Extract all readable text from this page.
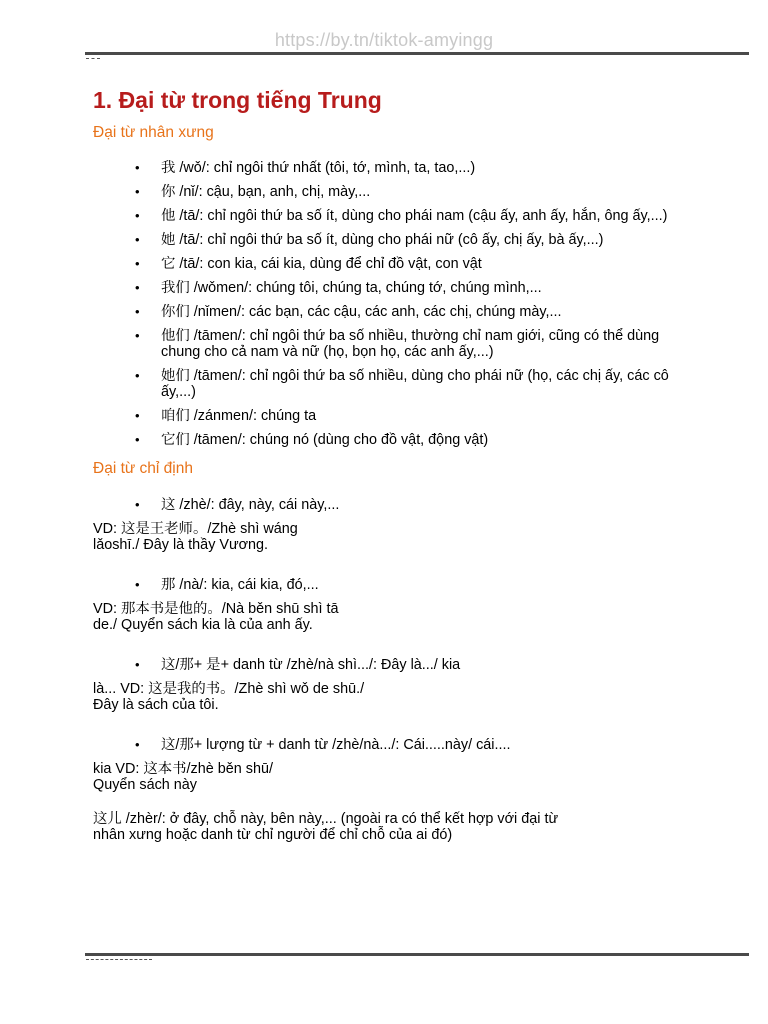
https://by.tn/tiktok-amyingg
1. Đại từ trong tiếng Trung
Đại từ nhân xưng
• 我 /wǒ/: chỉ ngôi thứ nhất (tôi, tớ, mình, ta, tao,...)
• 你 /nǐ/: cậu, bạn, anh, chị, mày,...
• 他 /tā/: chỉ ngôi thứ ba số ít, dùng cho phái nam (cậu ấy, anh ấy, hắn, ông ấy,...)
• 她 /tā/: chỉ ngôi thứ ba số ít, dùng cho phái nữ (cô ấy, chị ấy, bà ấy,...)
• 它 /tā/: con kia, cái kia, dùng để chỉ đồ vật, con vật
• 我们 /wǒmen/: chúng tôi, chúng ta, chúng tớ, chúng mình,...
• 你们 /nǐmen/: các bạn, các cậu, các anh, các chị, chúng mày,...
• 他们 /tāmen/: chỉ ngôi thứ ba số nhiều, thường chỉ nam giới, cũng có thể dùng chung cho cả nam và nữ (họ, bọn họ, các anh ấy,...)
• 她们 /tāmen/: chỉ ngôi thứ ba số nhiều, dùng cho phái nữ (họ, các chị ấy, các cô ấy,...)
• 咱们 /zánmen/: chúng ta
• 它们 /tāmen/: chúng nó (dùng cho đồ vật, động vật)
Đại từ chỉ định
• 这 /zhè/: đây, này, cái này,...

VD: 这是王老师。/Zhè shì wáng
lǎoshī./ Đây là thầy Vương.

• 那 /nà/: kia, cái kia, đó,...

VD: 那本书是他的。/Nà běn shū shì tā
de./ Quyển sách kia là của anh ấy.

• 这/那+ 是+ danh từ /zhè/nà shì.../: Đây là.../ kia

là... VD: 这是我的书。/Zhè shì wǒ de shū./
Đây là sách của tôi.

• 这/那+ lượng từ + danh từ /zhè/nà.../: Cái.....này/ cái....

kia VD: 这本书/zhè běn shū/
Quyển sách này

这儿 /zhèr/: ở đây, chỗ này, bên này,... (ngoài ra có thể kết hợp với đại từ
nhân xưng hoặc danh từ chỉ người để chỉ chỗ của ai đó)
